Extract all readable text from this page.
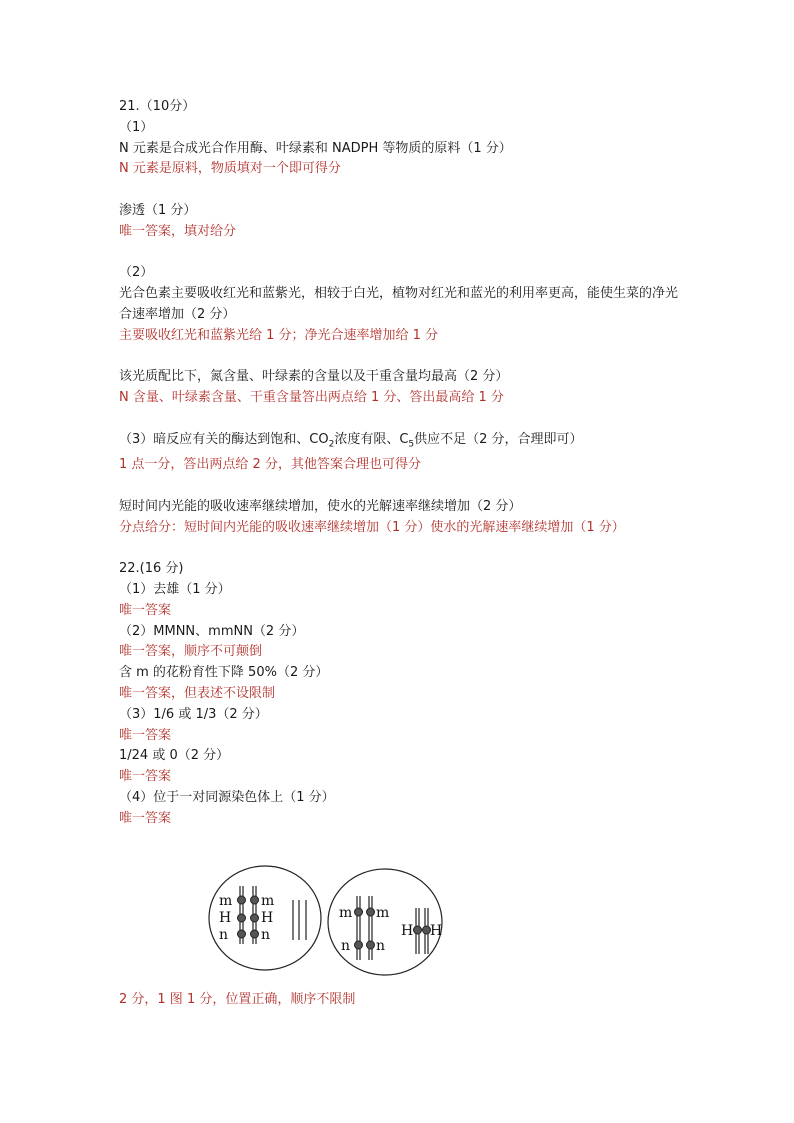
21.（10分）
（1）
N 元素是合成光合作用酶、叶绿素和 NADPH 等物质的原料（1 分）
N 元素是原料，物质填对一个即可得分
渗透（1 分）
唯一答案，填对给分
（2）
光合色素主要吸收红光和蓝紫光，相较于白光，植物对红光和蓝光的利用率更高，能使生菜的净光合速率增加（2 分）
主要吸收红光和蓝紫光给 1 分；净光合速率增加给 1 分
该光质配比下，氮含量、叶绿素的含量以及干重含量均最高（2 分）
N 含量、叶绿素含量、干重含量答出两点给 1 分、答出最高给 1 分
（3）暗反应有关的酶达到饱和、$CO_2$浓度有限、$C_5$供应不足（2 分，合理即可）
1 点一分，答出两点给 2 分，其他答案合理也可得分
短时间内光能的吸收速率继续增加，使水的光解速率继续增加（2 分）
分点给分：短时间内光能的吸收速率继续增加（1 分）使水的光解速率继续增加（1 分）
22.(16 分)
（1）去雄（1 分）
唯一答案
（2）MMNN、mmNN（2 分）
唯一答案，顺序不可颠倒
含 m 的花粉育性下降 50%（2 分）
唯一答案，但表述不设限制
（3）1/6 或 1/3（2 分）
唯一答案
1/24 或 0（2 分）
唯一答案
（4）位于一对同源染色体上（1 分）
唯一答案
m
H
n
m
H
n
m m
n n
H H
2 分，1 图 1 分，位置正确，顺序不限制
